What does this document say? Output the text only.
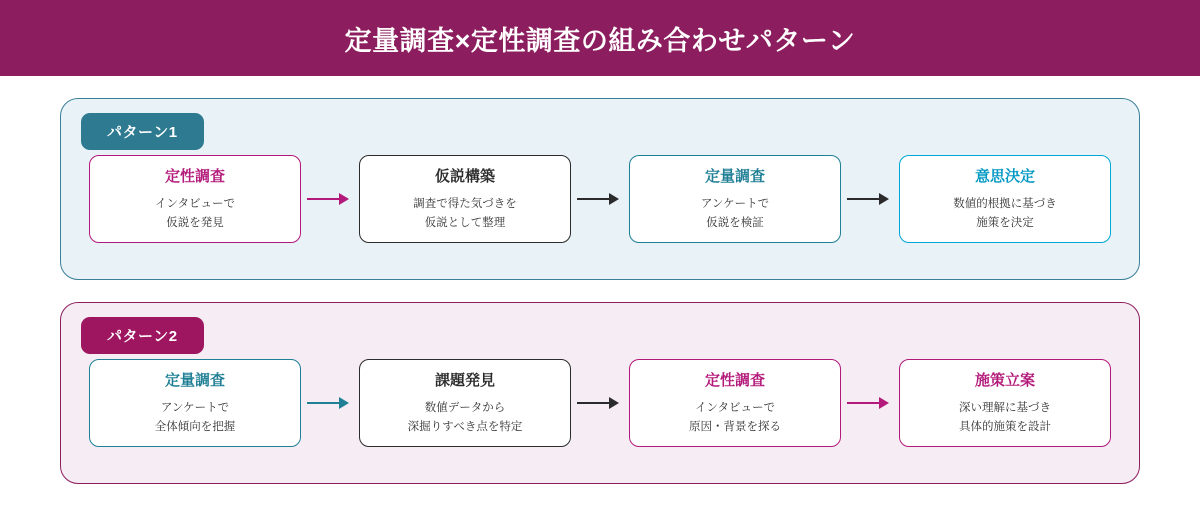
定量調査×定性調査の組み合わせパターン
パターン1
定性調査
インタビューで
仮説を発見
仮説構築
調査で得た気づきを
仮説として整理
定量調査
アンケートで
仮説を検証
意思決定
数値的根拠に基づき
施策を決定
パターン2
定量調査
アンケートで
全体傾向を把握
課題発見
数値データから
深掘りすべき点を特定
定性調査
インタビューで
原因・背景を探る
施策立案
深い理解に基づき
具体的施策を設計
